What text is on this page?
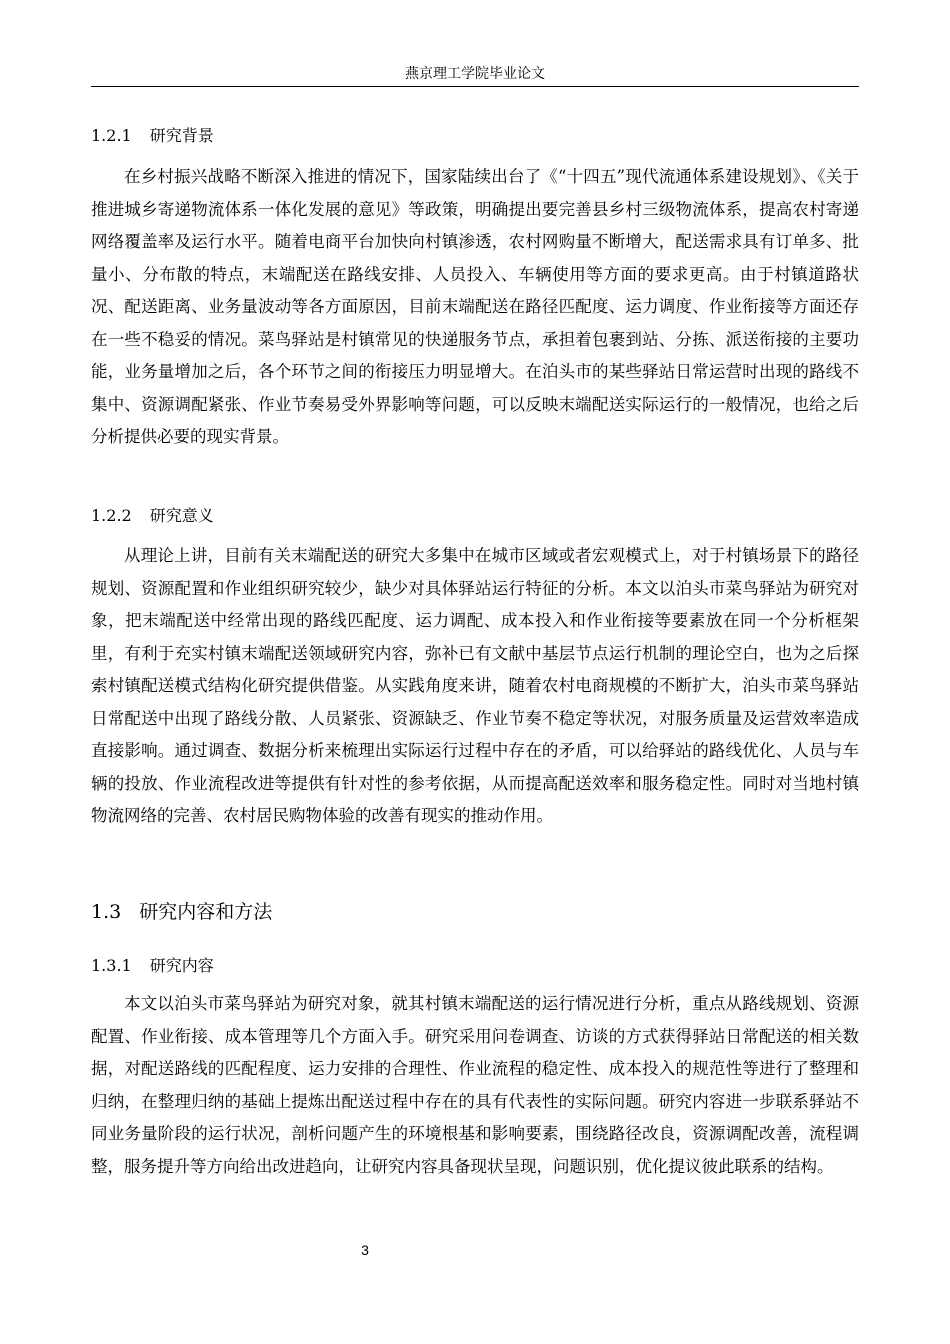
燕京理工学院毕业论文
1.2.1 研究背景

在乡村振兴战略不断深入推进的情况下，国家陆续出台了《“十四五”现代流通体系建设规划》、《关于推进城乡寄递物流体系一体化发展的意见》等政策，明确提出要完善县乡村三级物流体系，提高农村寄递网络覆盖率及运行水平。随着电商平台加快向村镇渗透，农村网购量不断增大，配送需求具有订单多、批量小、分布散的特点，末端配送在路线安排、人员投入、车辆使用等方面的要求更高。由于村镇道路状况、配送距离、业务量波动等各方面原因，目前末端配送在路径匹配度、运力调度、作业衔接等方面还存在一些不稳妥的情况。菜鸟驿站是村镇常见的快递服务节点，承担着包裹到站、分拣、派送衔接的主要功能，业务量增加之后，各个环节之间的衔接压力明显增大。在泊头市的某些驿站日常运营时出现的路线不集中、资源调配紧张、作业节奏易受外界影响等问题，可以反映末端配送实际运行的一般情况，也给之后分析提供必要的现实背景。

1.2.2 研究意义

从理论上讲，目前有关末端配送的研究大多集中在城市区域或者宏观模式上，对于村镇场景下的路径规划、资源配置和作业组织研究较少，缺少对具体驿站运行特征的分析。本文以泊头市菜鸟驿站为研究对象，把末端配送中经常出现的路线匹配度、运力调配、成本投入和作业衔接等要素放在同一个分析框架里，有利于充实村镇末端配送领域研究内容，弥补已有文献中基层节点运行机制的理论空白，也为之后探索村镇配送模式结构化研究提供借鉴。从实践角度来讲，随着农村电商规模的不断扩大，泊头市菜鸟驿站日常配送中出现了路线分散、人员紧张、资源缺乏、作业节奏不稳定等状况，对服务质量及运营效率造成直接影响。通过调查、数据分析来梳理出实际运行过程中存在的矛盾，可以给驿站的路线优化、人员与车辆的投放、作业流程改进等提供有针对性的参考依据，从而提高配送效率和服务稳定性。同时对当地村镇物流网络的完善、农村居民购物体验的改善有现实的推动作用。

1.3 研究内容和方法
1.3.1 研究内容

本文以泊头市菜鸟驿站为研究对象，就其村镇末端配送的运行情况进行分析，重点从路线规划、资源配置、作业衔接、成本管理等几个方面入手。研究采用问卷调查、访谈的方式获得驿站日常配送的相关数据，对配送路线的匹配程度、运力安排的合理性、作业流程的稳定性、成本投入的规范性等进行了整理和归纳，在整理归纳的基础上提炼出配送过程中存在的具有代表性的实际问题。研究内容进一步联系驿站不同业务量阶段的运行状况，剖析问题产生的环境根基和影响要素，围绕路径改良，资源调配改善，流程调整，服务提升等方向给出改进趋向，让研究内容具备现状呈现，问题识别，优化提议彼此联系的结构。

3
